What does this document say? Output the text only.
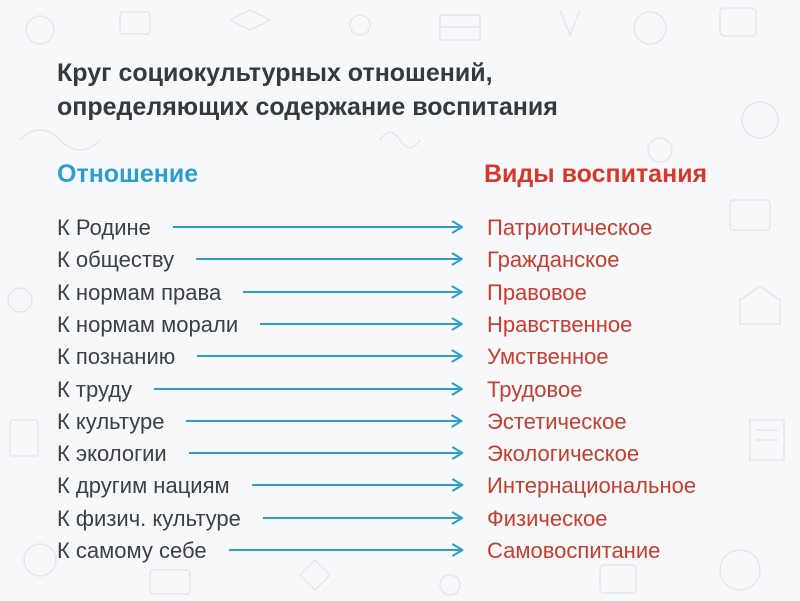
Круг социокультурных отношений,
определяющих содержание воспитания
Отношение	Виды воспитания
К Родине	Патриотическое
К обществу	Гражданское
К нормам права	Правовое
К нормам морали	Нравственное
К познанию	Умственное
К труду	Трудовое
К культуре	Эстетическое
К экологии	Экологическое
К другим нациям	Интернациональное
К физич. культуре	Физическое
К самому себе	Самовоспитание
